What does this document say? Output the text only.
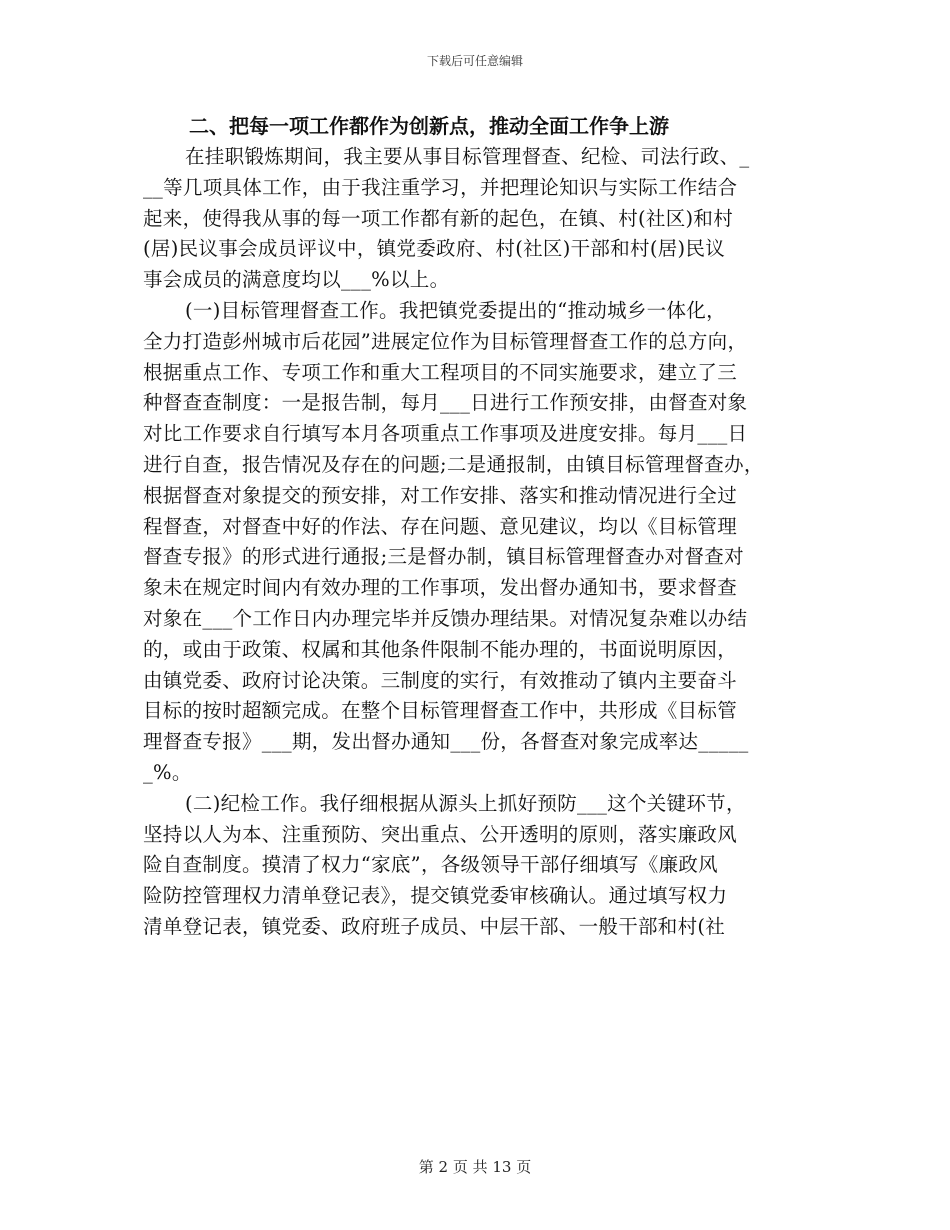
下载后可任意编辑
二、把每一项工作都作为创新点，推动全面工作争上游
在挂职锻炼期间，我主要从事目标管理督查、纪检、司法行政、_
__等几项具体工作，由于我注重学习，并把理论知识与实际工作结合
起来，使得我从事的每一项工作都有新的起色，在镇、村(社区)和村
(居)民议事会成员评议中，镇党委政府、村(社区)干部和村(居)民议
事会成员的满意度均以___%以上。
(一)目标管理督查工作。我把镇党委提出的“推动城乡一体化，
全力打造彭州城市后花园”进展定位作为目标管理督查工作的总方向，
根据重点工作、专项工作和重大工程项目的不同实施要求，建立了三
种督查查制度：一是报告制，每月___日进行工作预安排，由督查对象
对比工作要求自行填写本月各项重点工作事项及进度安排。每月___日
进行自查，报告情况及存在的问题;二是通报制，由镇目标管理督查办，
根据督查对象提交的预安排，对工作安排、落实和推动情况进行全过
程督查，对督查中好的作法、存在问题、意见建议，均以《目标管理
督查专报》的形式进行通报;三是督办制，镇目标管理督查办对督查对
象未在规定时间内有效办理的工作事项，发出督办通知书，要求督查
对象在___个工作日内办理完毕并反馈办理结果。对情况复杂难以办结
的，或由于政策、权属和其他条件限制不能办理的，书面说明原因，
由镇党委、政府讨论决策。三制度的实行，有效推动了镇内主要奋斗
目标的按时超额完成。在整个目标管理督查工作中，共形成《目标管
理督查专报》___期，发出督办通知___份，各督查对象完成率达_____
_%。
(二)纪检工作。我仔细根据从源头上抓好预防___这个关键环节，
坚持以人为本、注重预防、突出重点、公开透明的原则，落实廉政风
险自查制度。摸清了权力“家底”，各级领导干部仔细填写《廉政风
险防控管理权力清单登记表》，提交镇党委审核确认。通过填写权力
清单登记表，镇党委、政府班子成员、中层干部、一般干部和村(社
第 2 页 共 13 页
